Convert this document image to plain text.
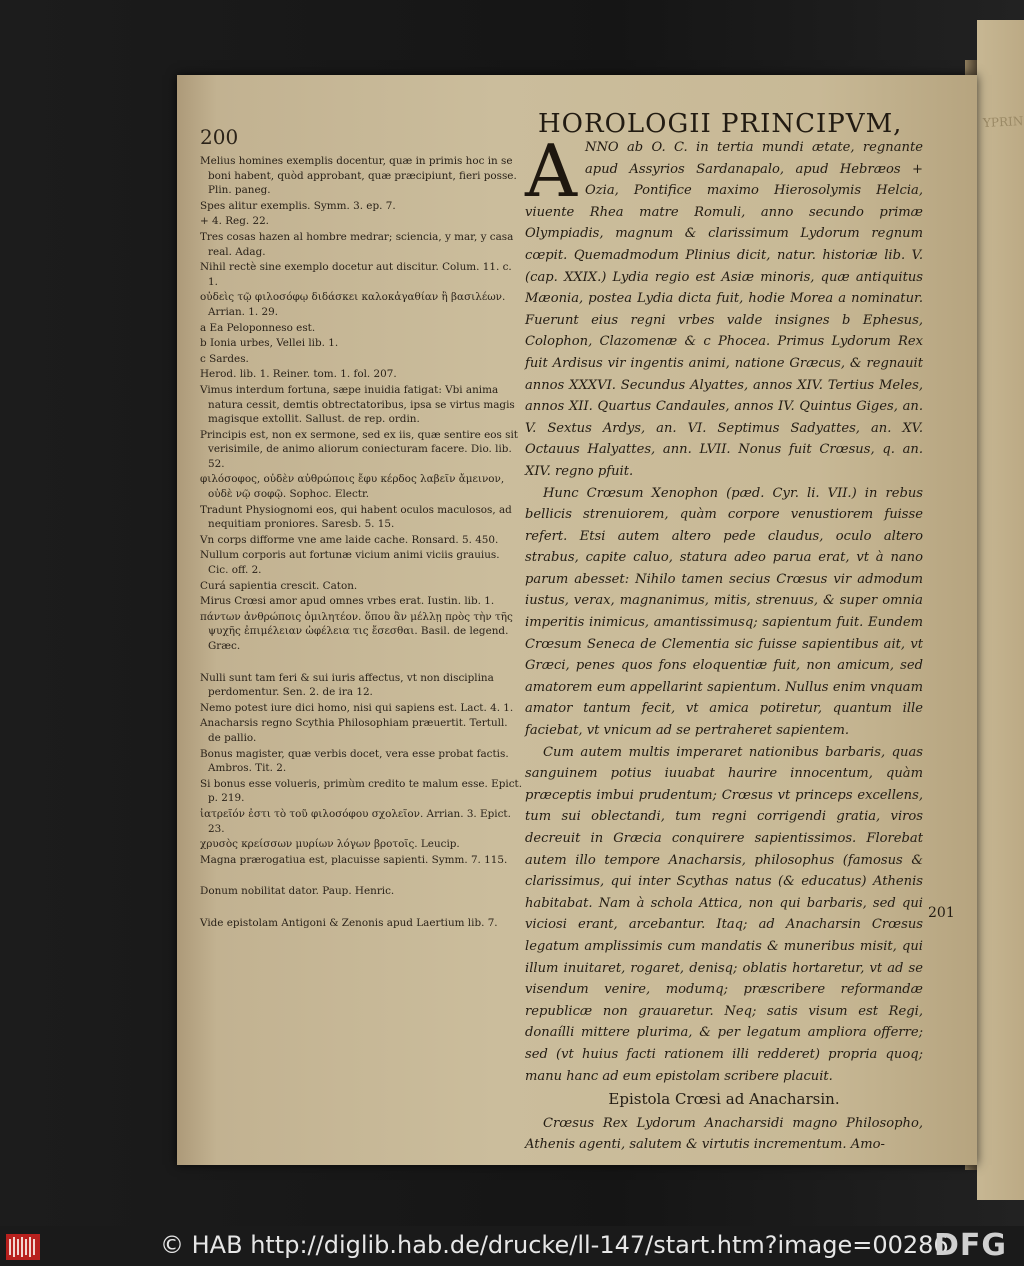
YPRIN
200	HOROLOGII PRINCIPVM,

Melius homines exemplis docentur, quæ in primis hoc in se boni habent, quòd approbant, quæ præcipiunt, fieri posse. Plin. paneg.

Spes alitur exemplis. Symm. 3. ep. 7.

+ 4. Reg. 22.

Tres cosas hazen al hombre medrar; sciencia, y mar, y casa real. Adag.

Nihil rectè sine exemplo docetur aut discitur. Colum. 11. c. 1.

οὐδεὶς τῷ φιλοσόφῳ διδάσκει καλοκἀγαθίαν ἢ βασιλέων. Arrian. 1. 29.

a Ea Peloponneso est.

b Ionia urbes, Vellei lib. 1.

c Sardes.

Herod. lib. 1. Reiner. tom. 1. fol. 207.

Vimus interdum fortuna, sæpe inuidia fatigat: Vbi anima natura cessit, demtis obtrectatoribus, ipsa se virtus magis magisque extollit. Sallust. de rep. ordin.

Principis est, non ex sermone, sed ex iis, quæ sentire eos sit verisimile, de animo aliorum coniecturam facere. Dio. lib. 52.

φιλόσοφος, οὐδὲν αὐθρώποις ἔφυ κέρδος λαβεῖν ἄμεινον, οὐδὲ νῷ σοφῷ. Sophoc. Electr.

Tradunt Physiognomi eos, qui habent oculos maculosos, ad nequitiam proniores. Saresb. 5. 15.

Vn corps difforme vne ame laide cache. Ronsard. 5. 450.

Nullum corporis aut fortunæ vicium animi viciis grauius. Cic. off. 2.

Curá sapientia crescit. Caton.

Mirus Crœsi amor apud omnes vrbes erat. Iustin. lib. 1.

πάντων ἀνθρώποις ὁμιλητέον. ὅπου ἂν μέλλῃ πρὸς τὴν τῆς ψυχῆς ἐπιμέλειαν ὠφέλεια τις ἔσεσθαι. Basil. de legend. Græc.

Nulli sunt tam feri & sui iuris affectus, vt non disciplina perdomentur. Sen. 2. de ira 12.

Nemo potest iure dici homo, nisi qui sapiens est. Lact. 4. 1.

Anacharsis regno Scythia Philosophiam præuertit. Tertull. de pallio.

Bonus magister, quæ verbis docet, vera esse probat factis. Ambros. Tit. 2.

Si bonus esse volueris, primùm credito te malum esse. Epict. p. 219.

ἰατρεῖόν ἐστι τὸ τοῦ φιλοσόφου σχολεῖον. Arrian. 3. Epict. 23.

χρυσὸς κρείσσων μυρίων λόγων βροτοῖς. Leucip.

Magna prærogatiua est, placuisse sapienti. Symm. 7. 115.

Donum nobilitat dator. Paup. Henric.

Vide epistolam Antigoni & Zenonis apud Laertium lib. 7.

A NNO ab O. C. in tertia mundi ætate, regnante apud Assyrios Sardanapalo, apud Hebræos + Ozia, Pontifice maximo Hierosolymis Helcia, viuente Rhea matre Romuli, anno secundo primæ Olympiadis, magnum & clarissimum Lydorum regnum cœpit. Quemadmodum Plinius dicit, natur. historiæ lib. V. (cap. XXIX.) Lydia regio est Asiæ minoris, quæ antiquitus Mæonia, postea Lydia dicta fuit, hodie Morea a nominatur. Fuerunt eius regni vrbes valde insignes b Ephesus, Colophon, Clazomenæ & c Phocea. Primus Lydorum Rex fuit Ardisus vir ingentis animi, natione Græcus, & regnauit annos XXXVI. Secundus Alyattes, annos XIV. Tertius Meles, annos XII. Quartus Candaules, annos IV. Quintus Giges, an. V. Sextus Ardys, an. VI. Septimus Sadyattes, an. XV. Octauus Halyattes, ann. LVII. Nonus fuit Crœsus, q. an. XIV. regno pfuit.

Hunc Crœsum Xenophon (pæd. Cyr. li. VII.) in rebus bellicis strenuiorem, quàm corpore venustiorem fuisse refert. Etsi autem altero pede claudus, oculo altero strabus, capite caluo, statura adeo parua erat, vt à nano parum abesset: Nihilo tamen secius Crœsus vir admodum iustus, verax, magnanimus, mitis, strenuus, & super omnia imperitis inimicus, amantissimusq; sapientum fuit. Eundem Crœsum Seneca de Clementia sic fuisse sapientibus ait, vt Græci, penes quos fons eloquentiæ fuit, non amicum, sed amatorem eum appellarint sapientum. Nullus enim vnquam amator tantum fecit, vt amica potiretur, quantum ille faciebat, vt vnicum ad se pertraheret sapientem.

Cum autem multis imperaret nationibus barbaris, quas sanguinem potius iuuabat haurire innocentum, quàm præceptis imbui prudentum; Crœsus vt princeps excellens, tum sui oblectandi, tum regni corrigendi gratia, viros decreuit in Græcia conquirere sapientissimos. Florebat autem illo tempore Anacharsis, philosophus (famosus & clarissimus, qui inter Scythas natus (& educatus) Athenis habitabat. Nam à schola Attica, non qui barbaris, sed qui viciosi erant, arcebantur. Itaq; ad Anacharsin Crœsus legatum amplissimis cum mandatis & muneribus misit, qui illum inuitaret, rogaret, denisq; oblatis hortaretur, vt ad se visendum venire, modumq; præscribere reformandæ republicæ non grauaretur. Neq; satis visum est Regi, donaílli mittere plurima, & per legatum ampliora offerre; sed (vt huius facti rationem illi redderet) propria quoq; manu hanc ad eum epistolam scribere placuit.

Epistola Crœsi ad Anacharsin.

Crœsus Rex Lydorum Anacharsidi magno Philosopho, Athenis agenti, salutem & virtutis incrementum. Amo-

201
© HAB http://diglib.hab.de/drucke/ll-147/start.htm?image=00286
DFG
